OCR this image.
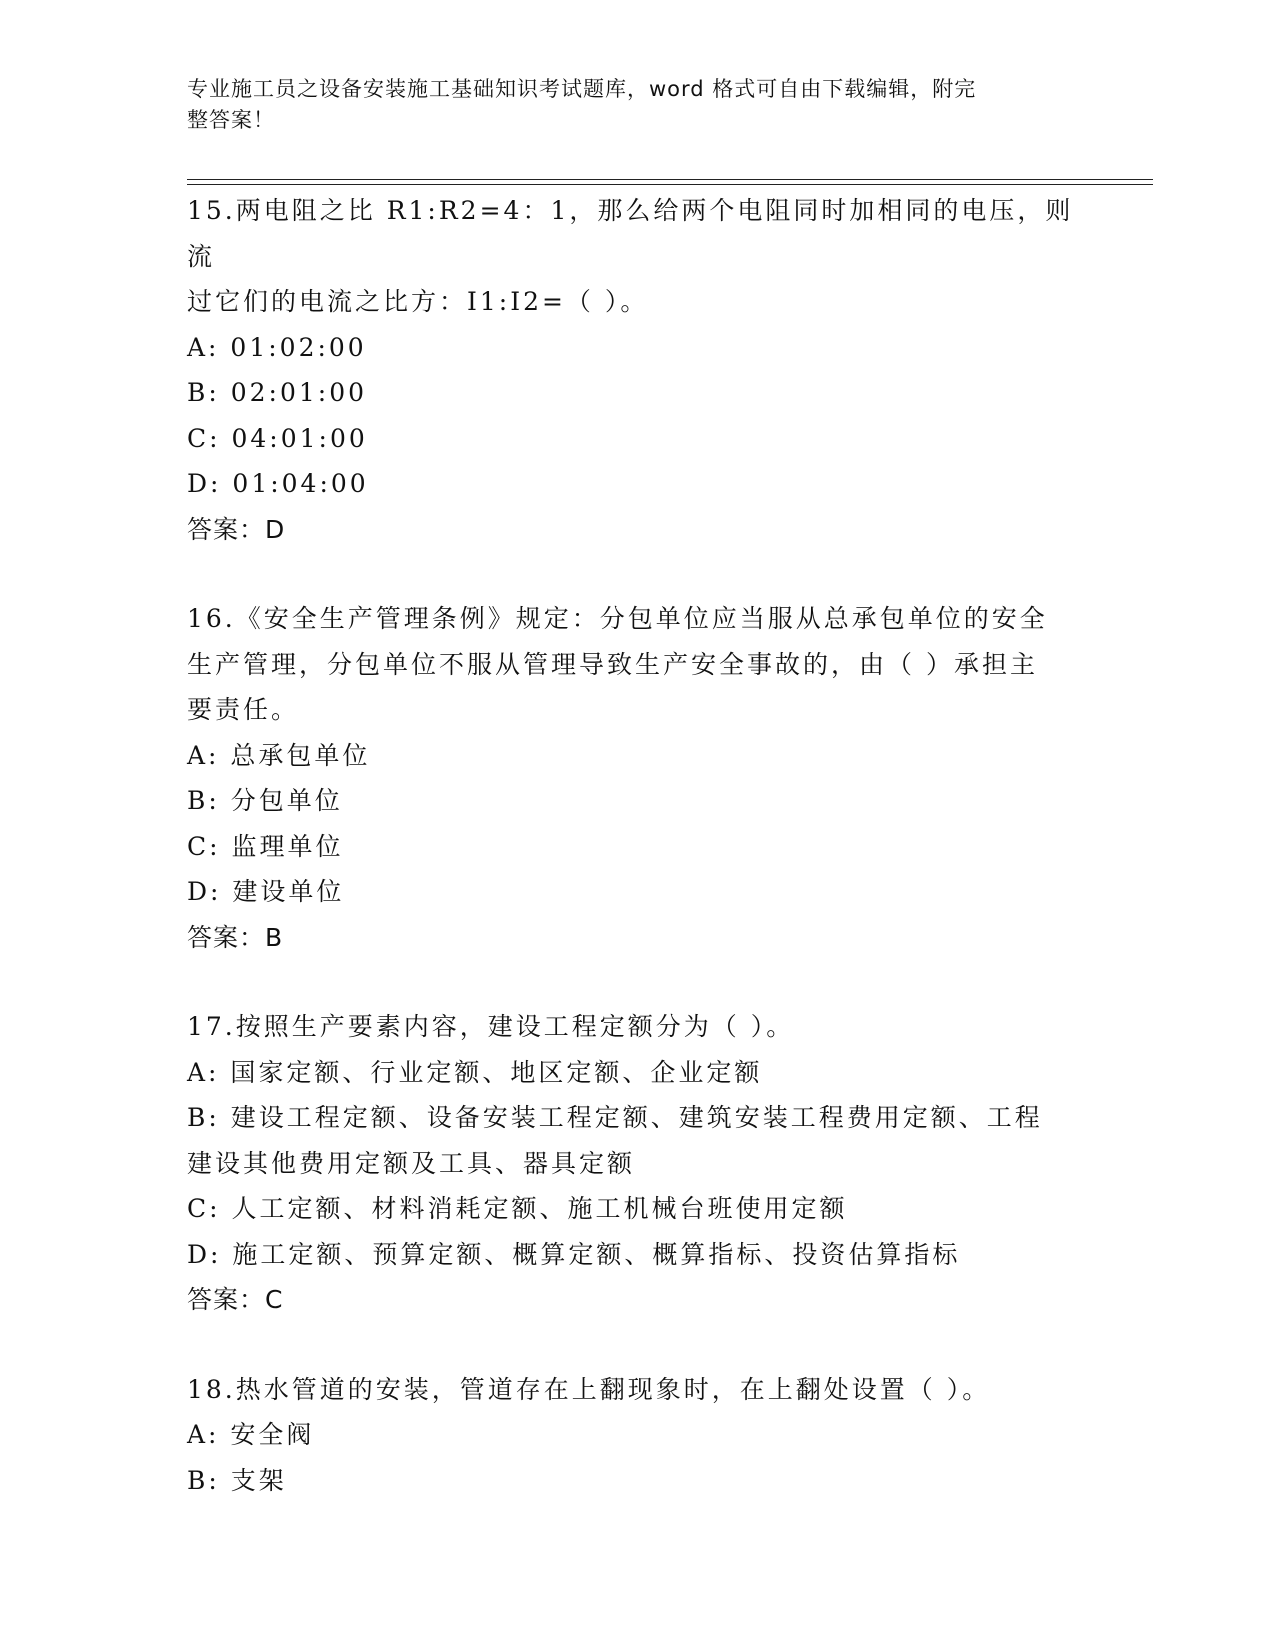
专业施工员之设备安装施工基础知识考试题库，word 格式可自由下载编辑，附完
整答案！
15.两电阻之比 R1:R2=4：1，那么给两个电阻同时加相同的电压，则流
过它们的电流之比方：I1:I2=（ ）。
A: 01:02:00
B: 02:01:00
C: 04:01:00
D: 01:04:00
答案：D
16.《安全生产管理条例》规定：分包单位应当服从总承包单位的安全
生产管理，分包单位不服从管理导致生产安全事故的，由（ ）承担主
要责任。
A: 总承包单位
B: 分包单位
C: 监理单位
D: 建设单位
答案：B
17.按照生产要素内容，建设工程定额分为（ ）。
A: 国家定额、行业定额、地区定额、企业定额
B: 建设工程定额、设备安装工程定额、建筑安装工程费用定额、工程
建设其他费用定额及工具、器具定额
C: 人工定额、材料消耗定额、施工机械台班使用定额
D: 施工定额、预算定额、概算定额、概算指标、投资估算指标
答案：C
18.热水管道的安装，管道存在上翻现象时，在上翻处设置（ ）。
A: 安全阀
B: 支架
